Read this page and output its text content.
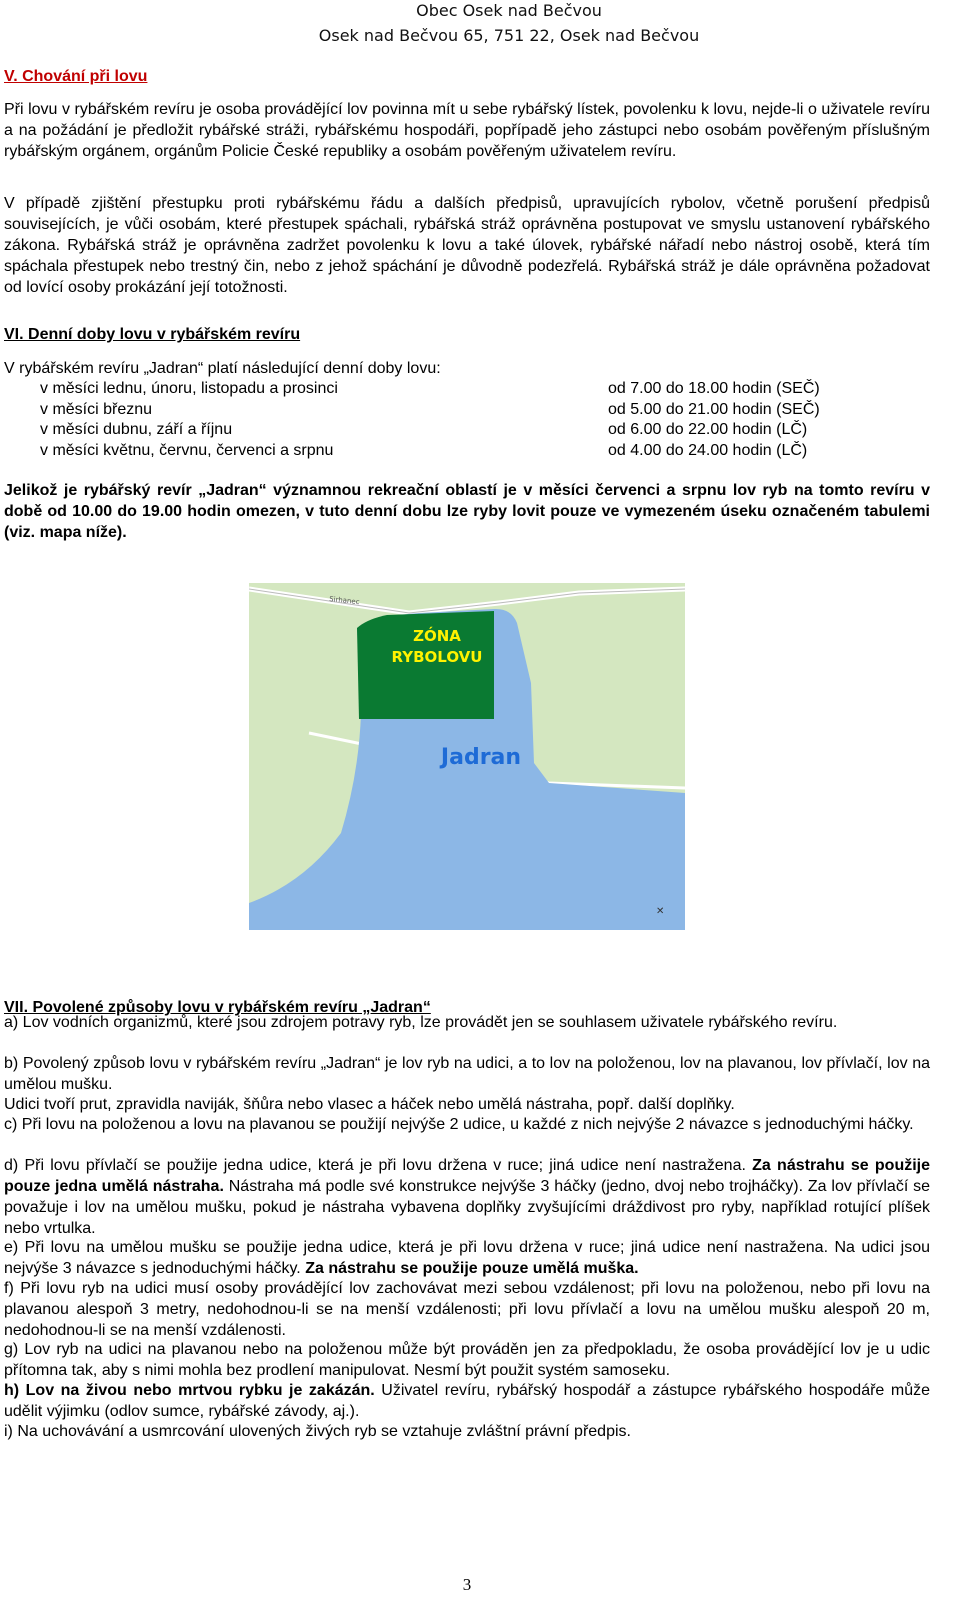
Obec Osek nad Bečvou
Osek nad Bečvou 65, 751 22, Osek nad Bečvou
V. Chování při lovu

Při lovu v rybářském revíru je osoba provádějící lov povinna mít u sebe rybářský lístek, povolenku k lovu, nejde-li o uživatele revíru a na požádání je předložit rybářské stráži, rybářskému hospodáři, popřípadě jeho zástupci nebo osobám pověřeným příslušným rybářským orgánem, orgánům Policie České republiky a osobám pověřeným uživatelem revíru.

V případě zjištění přestupku proti rybářskému řádu a dalších předpisů, upravujících rybolov, včetně porušení předpisů souvisejících, je vůči osobám, které přestupek spáchali, rybářská stráž oprávněna postupovat ve smyslu ustanovení rybářského zákona. Rybářská stráž je oprávněna zadržet povolenku k lovu a také úlovek, rybářské nářadí nebo nástroj osobě, která tím spáchala přestupek nebo trestný čin, nebo z jehož spáchání je důvodně podezřelá. Rybářská stráž je dále oprávněna požadovat od lovící osoby prokázání její totožnosti.

VI. Denní doby lovu v rybářském revíru

V rybářském revíru „Jadran“ platí následující denní doby lovu:

v měsíci lednu, únoru, listopadu a prosinci	od 7.00 do 18.00 hodin (SEČ)
v měsíci březnu	od 5.00 do 21.00 hodin (SEČ)
v měsíci dubnu, září a říjnu	od 6.00 do 22.00 hodin (LČ)
v měsíci květnu, červnu, červenci a srpnu	od 4.00 do 24.00 hodin (LČ)

Jelikož je rybářský revír „Jadran“ významnou rekreační oblastí je v měsíci červenci a srpnu lov ryb na tomto revíru v době od 10.00 do 19.00 hodin omezen, v tuto denní dobu lze ryby lovit pouze ve vymezeném úseku označeném tabulemi (viz. mapa níže).

ZÓNA
RYBOLOVU
Jadran
Sirhanec
✕
VII. Povolené způsoby lovu v rybářském revíru „Jadran“

a) Lov vodních organizmů, které jsou zdrojem potravy ryb, lze provádět jen se souhlasem uživatele rybářského revíru.

b) Povolený způsob lovu v rybářském revíru „Jadran“ je lov ryb na udici, a to lov na položenou, lov na plavanou, lov přívlačí, lov na umělou mušku.

Udici tvoří prut, zpravidla naviják, šňůra nebo vlasec a háček nebo umělá nástraha, popř. další doplňky.

c) Při lovu na položenou a lovu na plavanou se použijí nejvýše 2 udice, u každé z nich nejvýše 2 návazce s jednoduchými háčky.

d) Při lovu přívlačí se použije jedna udice, která je při lovu držena v ruce; jiná udice není nastražena. Za nástrahu se použije pouze jedna umělá nástraha. Nástraha má podle své konstrukce nejvýše 3 háčky (jedno, dvoj nebo trojháčky). Za lov přívlačí se považuje i lov na umělou mušku, pokud je nástraha vybavena doplňky zvyšujícími dráždivost pro ryby, například rotující plíšek nebo vrtulka.

e) Při lovu na umělou mušku se použije jedna udice, která je při lovu držena v ruce; jiná udice není nastražena. Na udici jsou nejvýše 3 návazce s jednoduchými háčky. Za nástrahu se použije pouze umělá muška.

f) Při lovu ryb na udici musí osoby provádějící lov zachovávat mezi sebou vzdálenost; při lovu na položenou, nebo při lovu na plavanou alespoň 3 metry, nedohodnou-li se na menší vzdálenosti; při lovu přívlačí a lovu na umělou mušku alespoň 20 m, nedohodnou-li se na menší vzdálenosti.

g) Lov ryb na udici na plavanou nebo na položenou může být prováděn jen za předpokladu, že osoba provádějící lov je u udic přítomna tak, aby s nimi mohla bez prodlení manipulovat. Nesmí být použit systém samoseku.

h) Lov na živou nebo mrtvou rybku je zakázán. Uživatel revíru, rybářský hospodář a zástupce rybářského hospodáře může udělit výjimku (odlov sumce, rybářské závody, aj.).

i) Na uchovávání a usmrcování ulovených živých ryb se vztahuje zvláštní právní předpis.

3
